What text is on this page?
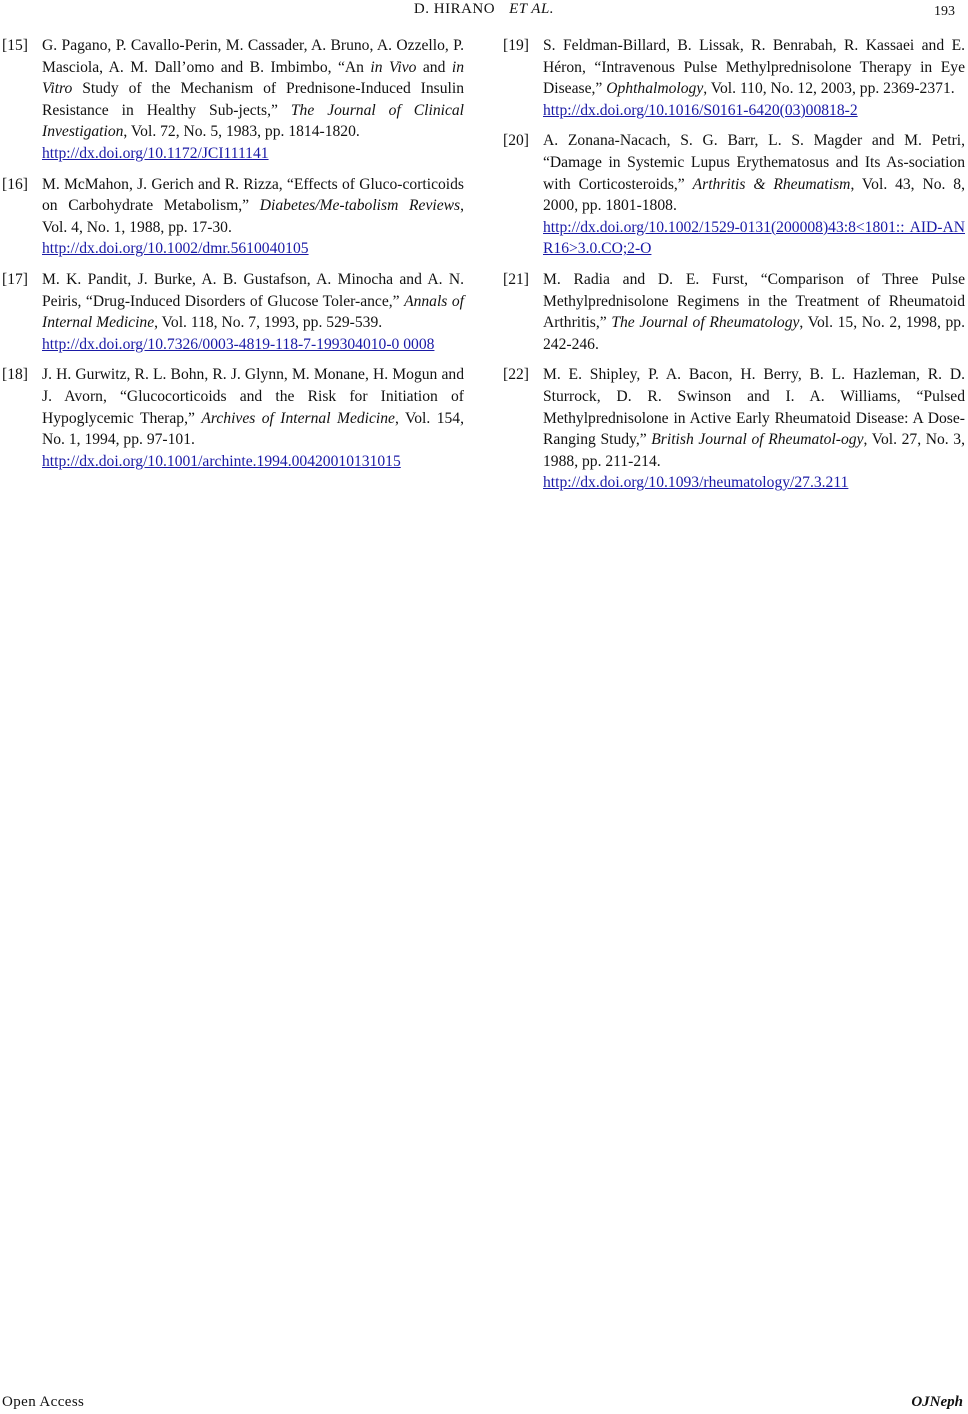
D. HIRANO ET AL.	193
[15] G. Pagano, P. Cavallo-Perin, M. Cassader, A. Bruno, A. Ozzello, P. Masciola, A. M. Dall’omo and B. Imbimbo, “An in Vivo and in Vitro Study of the Mechanism of Prednisone-Induced Insulin Resistance in Healthy Sub-jects,” The Journal of Clinical Investigation, Vol. 72, No. 5, 1983, pp. 1814-1820.
http://dx.doi.org/10.1172/JCI111141
[16] M. McMahon, J. Gerich and R. Rizza, “Effects of Gluco-corticoids on Carbohydrate Metabolism,” Diabetes/Me-tabolism Reviews, Vol. 4, No. 1, 1988, pp. 17-30.
http://dx.doi.org/10.1002/dmr.5610040105
[17] M. K. Pandit, J. Burke, A. B. Gustafson, A. Minocha and A. N. Peiris, “Drug-Induced Disorders of Glucose Toler-ance,” Annals of Internal Medicine, Vol. 118, No. 7, 1993, pp. 529-539.
http://dx.doi.org/10.7326/0003-4819-118-7-199304010-0 0008
[18] J. H. Gurwitz, R. L. Bohn, R. J. Glynn, M. Monane, H. Mogun and J. Avorn, “Glucocorticoids and the Risk for Initiation of Hypoglycemic Therap,” Archives of Internal Medicine, Vol. 154, No. 1, 1994, pp. 97-101.
http://dx.doi.org/10.1001/archinte.1994.00420010131015
[19] S. Feldman-Billard, B. Lissak, R. Benrabah, R. Kassaei and E. Héron, “Intravenous Pulse Methylprednisolone Therapy in Eye Disease,” Ophthalmology, Vol. 110, No. 12, 2003, pp. 2369-2371.
http://dx.doi.org/10.1016/S0161-6420(03)00818-2
[20] A. Zonana-Nacach, S. G. Barr, L. S. Magder and M. Petri, “Damage in Systemic Lupus Erythematosus and Its As-sociation with Corticosteroids,” Arthritis & Rheumatism, Vol. 43, No. 8, 2000, pp. 1801-1808.
http://dx.doi.org/10.1002/1529-0131(200008)43:8<1801:: AID-ANR16>3.0.CO;2-O
[21] M. Radia and D. E. Furst, “Comparison of Three Pulse Methylprednisolone Regimens in the Treatment of Rheumatoid Arthritis,” The Journal of Rheumatology, Vol. 15, No. 2, 1998, pp. 242-246.
[22] M. E. Shipley, P. A. Bacon, H. Berry, B. L. Hazleman, R. D. Sturrock, D. R. Swinson and I. A. Williams, “Pulsed Methylprednisolone in Active Early Rheumatoid Disease: A Dose-Ranging Study,” British Journal of Rheumatol-ogy, Vol. 27, No. 3, 1988, pp. 211-214.
http://dx.doi.org/10.1093/rheumatology/27.3.211
Open Access	OJNeph
